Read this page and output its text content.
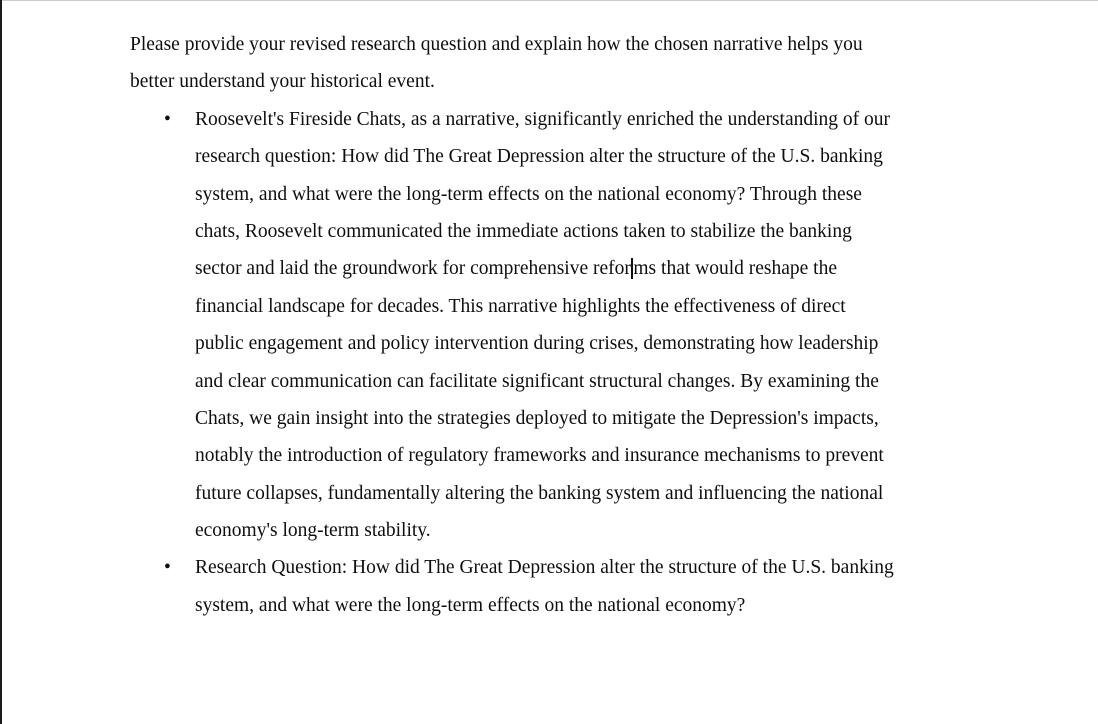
Please provide your revised research question and explain how the chosen narrative helps you
better understand your historical event.
• Roosevelt's Fireside Chats, as a narrative, significantly enriched the understanding of our
research question: How did The Great Depression alter the structure of the U.S. banking
system, and what were the long-term effects on the national economy? Through these
chats, Roosevelt communicated the immediate actions taken to stabilize the banking
sector and laid the groundwork for comprehensive refor ms that would reshape the
financial landscape for decades. This narrative highlights the effectiveness of direct
public engagement and policy intervention during crises, demonstrating how leadership
and clear communication can facilitate significant structural changes. By examining the
Chats, we gain insight into the strategies deployed to mitigate the Depression's impacts,
notably the introduction of regulatory frameworks and insurance mechanisms to prevent
future collapses, fundamentally altering the banking system and influencing the national
economy's long-term stability.
• Research Question: How did The Great Depression alter the structure of the U.S. banking
system, and what were the long-term effects on the national economy?
